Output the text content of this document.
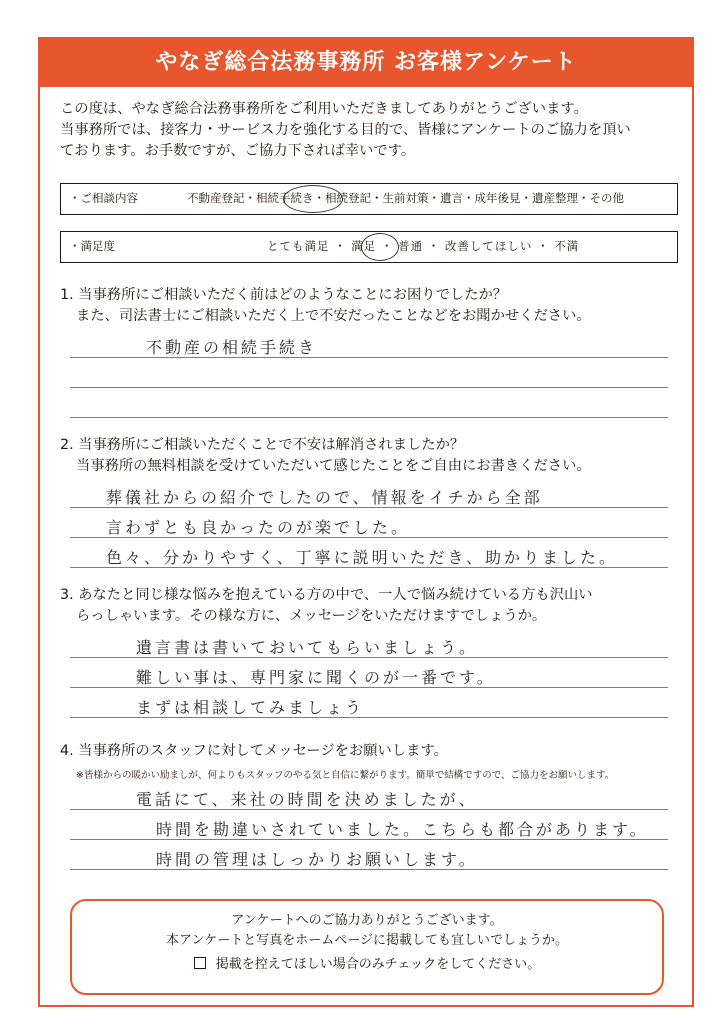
やなぎ総合法務事務所 お客様アンケート
この度は、やなぎ総合法務事務所をご利用いただきましてありがとうございます。
当事務所では、接客力・サービス力を強化する目的で、皆様にアンケートのご協力を頂い
ております。お手数ですが、ご協力下されば幸いです。
・ご相談内容	不動産登記・相続手続き・相続登記・生前対策・遺言・成年後見・遺産整理・その他
・満足度	とても満足 ・ 満足 ・ 普通 ・ 改善してほしい ・ 不満
1. 当事務所にご相談いただく前はどのようなことにお困りでしたか？
また、司法書士にご相談いただく上で不安だったことなどをお聞かせください。
不動産の相続手続き
2. 当事務所にご相談いただくことで不安は解消されましたか？
当事務所の無料相談を受けていただいて感じたことをご自由にお書きください。
葬儀社からの紹介でしたので、情報をイチから全部
言わずとも良かったのが楽でした。
色々、分かりやすく、丁寧に説明いただき、助かりました。
3. あなたと同じ様な悩みを抱えている方の中で、一人で悩み続けている方も沢山い
らっしゃいます。その様な方に、メッセージをいただけますでしょうか。
遺言書は書いておいてもらいましょう。
難しい事は、専門家に聞くのが一番です。
まずは相談してみましょう
4. 当事務所のスタッフに対してメッセージをお願いします。
※皆様からの暖かい励ましが、何よりもスタッフのやる気と自信に繋がります。簡単で結構ですので、ご協力をお願いします。
電話にて、来社の時間を決めましたが、
時間を勘違いされていました。こちらも都合があります。
時間の管理はしっかりお願いします。
アンケートへのご協力ありがとうございます。
本アンケートと写真をホームページに掲載しても宜しいでしょうか。
掲載を控えてほしい場合のみチェックをしてください。
